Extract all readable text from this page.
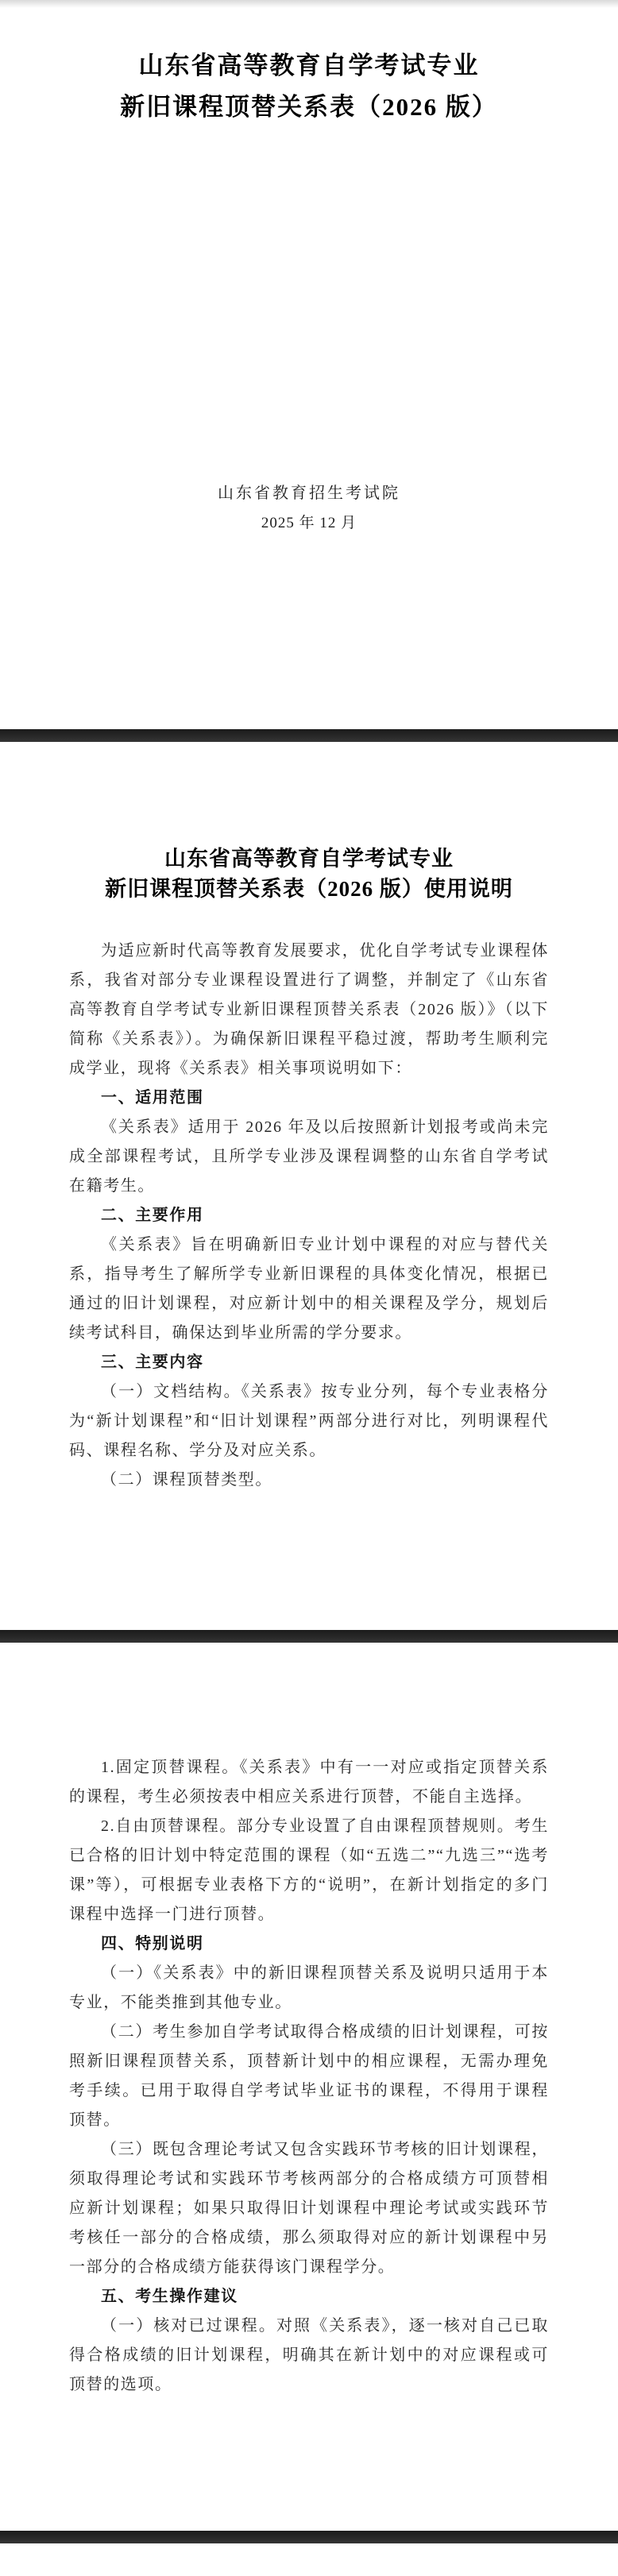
山东省高等教育自学考试专业
新旧课程顶替关系表（2026 版）
山东省教育招生考试院
2025 年 12 月
山东省高等教育自学考试专业
新旧课程顶替关系表（2026 版）使用说明

为适应新时代高等教育发展要求，优化自学考试专业课程体系，我省对部分专业课程设置进行了调整，并制定了《山东省高等教育自学考试专业新旧课程顶替关系表（2026 版）》（以下简称《关系表》）。为确保新旧课程平稳过渡，帮助考生顺利完成学业，现将《关系表》相关事项说明如下：

一、适用范围

《关系表》适用于 2026 年及以后按照新计划报考或尚未完成全部课程考试，且所学专业涉及课程调整的山东省自学考试在籍考生。

二、主要作用

《关系表》旨在明确新旧专业计划中课程的对应与替代关系，指导考生了解所学专业新旧课程的具体变化情况，根据已通过的旧计划课程，对应新计划中的相关课程及学分，规划后续考试科目，确保达到毕业所需的学分要求。

三、主要内容

（一）文档结构。《关系表》按专业分列，每个专业表格分为“新计划课程”和“旧计划课程”两部分进行对比，列明课程代码、课程名称、学分及对应关系。

（二）课程顶替类型。

1.固定顶替课程。《关系表》中有一一对应或指定顶替关系的课程，考生必须按表中相应关系进行顶替，不能自主选择。

2.自由顶替课程。部分专业设置了自由课程顶替规则。考生已合格的旧计划中特定范围的课程（如“五选二”“九选三”“选考课”等），可根据专业表格下方的“说明”，在新计划指定的多门课程中选择一门进行顶替。

四、特别说明

（一）《关系表》中的新旧课程顶替关系及说明只适用于本专业，不能类推到其他专业。

（二）考生参加自学考试取得合格成绩的旧计划课程，可按照新旧课程顶替关系，顶替新计划中的相应课程，无需办理免考手续。已用于取得自学考试毕业证书的课程，不得用于课程顶替。

（三）既包含理论考试又包含实践环节考核的旧计划课程，须取得理论考试和实践环节考核两部分的合格成绩方可顶替相应新计划课程；如果只取得旧计划课程中理论考试或实践环节考核任一部分的合格成绩，那么须取得对应的新计划课程中另一部分的合格成绩方能获得该门课程学分。

五、考生操作建议

（一）核对已过课程。对照《关系表》，逐一核对自己已取得合格成绩的旧计划课程，明确其在新计划中的对应课程或可顶替的选项。
